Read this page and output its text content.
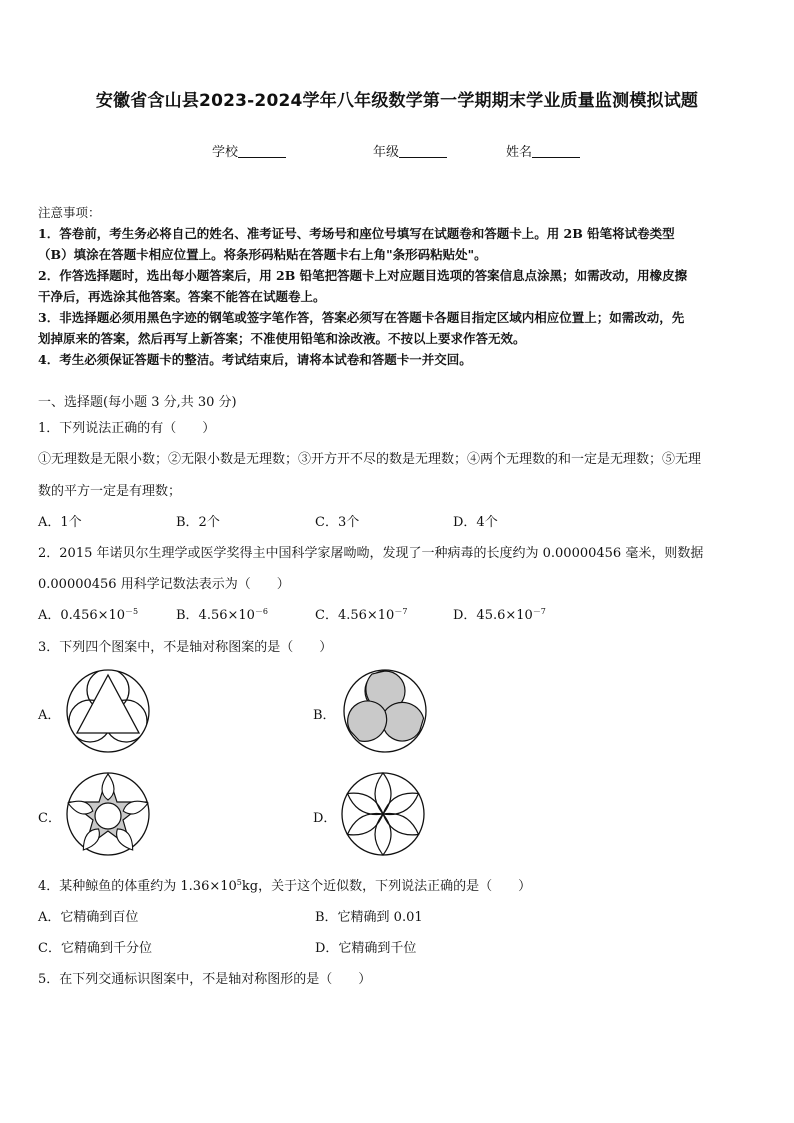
安徽省含山县2023-2024学年八年级数学第一学期期末学业质量监测模拟试题
学校	年级	姓名
注意事项：
1．答卷前，考生务必将自己的姓名、准考证号、考场号和座位号填写在试题卷和答题卡上。用 2B 铅笔将试卷类型
（B）填涂在答题卡相应位置上。将条形码粘贴在答题卡右上角"条形码粘贴处"。
2．作答选择题时，选出每小题答案后，用 2B 铅笔把答题卡上对应题目选项的答案信息点涂黑；如需改动，用橡皮擦
干净后，再选涂其他答案。答案不能答在试题卷上。
3．非选择题必须用黑色字迹的钢笔或签字笔作答，答案必须写在答题卡各题目指定区域内相应位置上；如需改动，先
划掉原来的答案，然后再写上新答案；不准使用铅笔和涂改液。不按以上要求作答无效。
4．考生必须保证答题卡的整洁。考试结束后，请将本试卷和答题卡一并交回。
一、选择题(每小题 3 分,共 30 分)
1．下列说法正确的有（　　）
①无理数是无限小数；②无限小数是无理数；③开方开不尽的数是无理数；④两个无理数的和一定是无理数；⑤无理
数的平方一定是有理数；
A．1个	B．2个	C．3个	D．4个
2．2015 年诺贝尔生理学或医学奖得主中国科学家屠呦呦，发现了一种病毒的长度约为 0.00000456 毫米，则数据
0.00000456 用科学记数法表示为（　　）
A．$0.456\times 10^{-5}$	B．$4.56\times 10^{-6}$	C．$4.56\times 10^{-7}$	D．$45.6\times 10^{-7}$
3．下列四个图案中，不是轴对称图案的是（　　）
A．	B．
C．	D．
4．某种鲸鱼的体重约为 $1.36\times 10^5kg$，关于这个近似数，下列说法正确的是（　　）
A．它精确到百位	B．它精确到 0.01
C．它精确到千分位	D．它精确到千位
5．在下列交通标识图案中，不是轴对称图形的是（　　）
